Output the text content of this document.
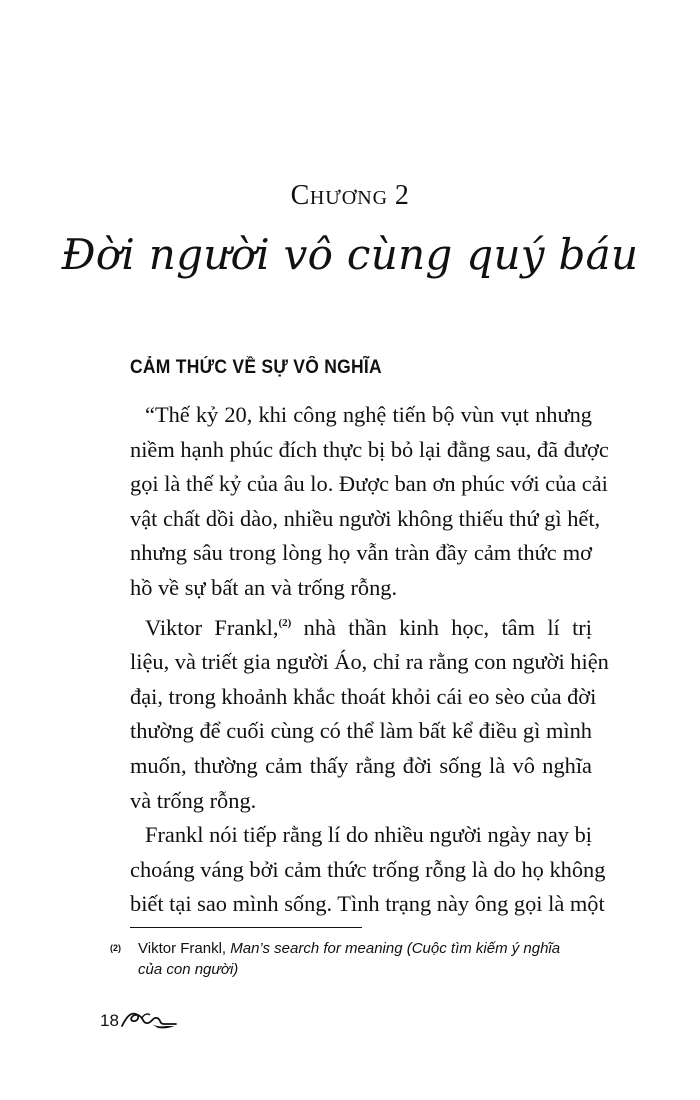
CHƯƠNG 2
Đời người vô cùng quý báu
CẢM THỨC VỀ SỰ VÔ NGHĨA
“Thế kỷ 20, khi công nghệ tiến bộ vùn vụt nhưng
niềm hạnh phúc đích thực bị bỏ lại đằng sau, đã được
gọi là thế kỷ của âu lo. Được ban ơn phúc với của cải
vật chất dồi dào, nhiều người không thiếu thứ gì hết,
nhưng sâu trong lòng họ vẫn tràn đầy cảm thức mơ
hồ về sự bất an và trống rỗng.
Viktor Frankl,$^{(2)}$ nhà thần kinh học, tâm lí trị
liệu, và triết gia người Áo, chỉ ra rằng con người hiện
đại, trong khoảnh khắc thoát khỏi cái eo sèo của đời
thường để cuối cùng có thể làm bất kể điều gì mình
muốn, thường cảm thấy rằng đời sống là vô nghĩa
và trống rỗng.
Frankl nói tiếp rằng lí do nhiều người ngày nay bị
choáng váng bởi cảm thức trống rỗng là do họ không
biết tại sao mình sống. Tình trạng này ông gọi là một
(2)	Viktor Frankl, Man’s search for meaning (Cuộc tìm kiếm ý nghĩa
của con người)
18
